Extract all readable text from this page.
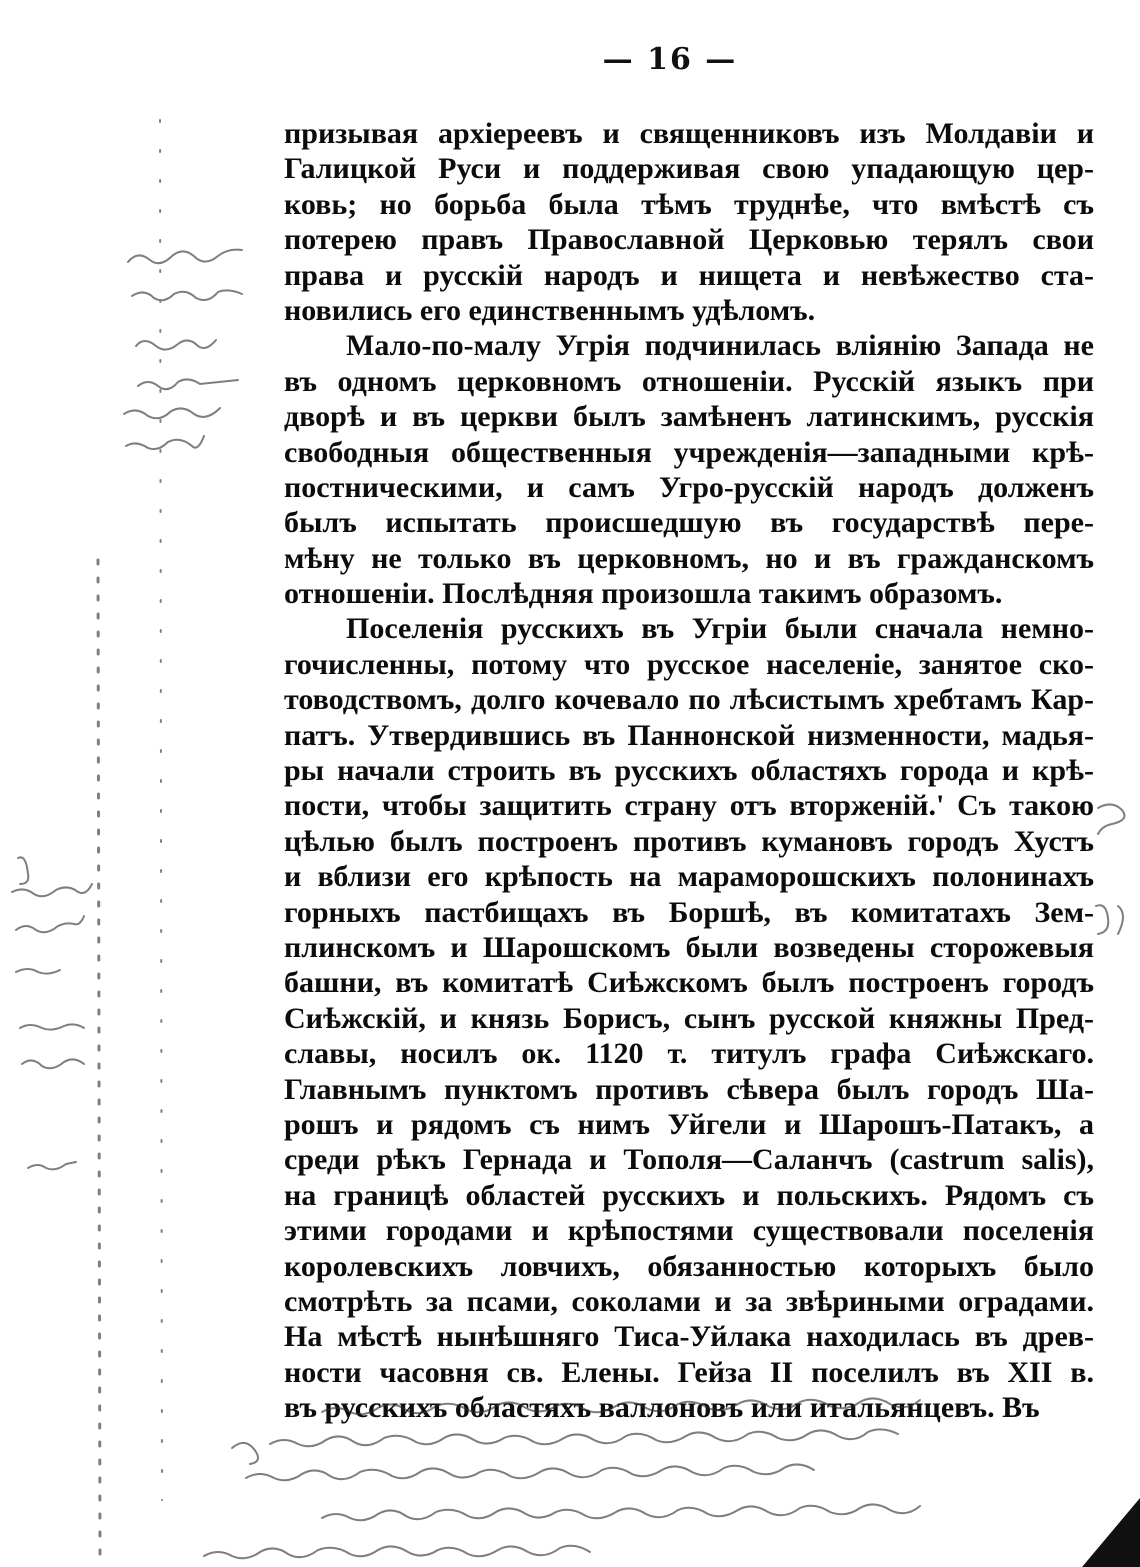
— 16 —
призывая архіереевъ и священниковъ изъ Молдавіи и
Галицкой Руси и поддерживая свою упадающую цер-
ковь; но борьба была тѣмъ труднѣе, что вмѣстѣ съ
потерею правъ Православной Церковью терялъ свои
права и русскій народъ и нищета и невѣжество ста-
новились его единственнымъ удѣломъ.
Мало-по-малу Угрія подчинилась вліянію Запада не
въ одномъ церковномъ отношеніи. Русскій языкъ при
дворѣ и въ церкви былъ замѣненъ латинскимъ, русскія
свободныя общественныя учрежденія—западными крѣ-
постническими, и самъ Угро-русскій народъ долженъ
былъ испытать происшедшую въ государствѣ пере-
мѣну не только въ церковномъ, но и въ гражданскомъ
отношеніи. Послѣдняя произошла такимъ образомъ.
Поселенія русскихъ въ Угріи были сначала немно-
гочисленны, потому что русское населеніе, занятое ско-
товодствомъ, долго кочевало по лѣсистымъ хребтамъ Кар-
патъ. Утвердившись въ Паннонской низменности, мадья-
ры начали строить въ русскихъ областяхъ города и крѣ-
пости, чтобы защитить страну отъ вторженій.' Съ такою
цѣлью былъ построенъ противъ кумановъ городъ Хустъ
и вблизи его крѣпость на мараморошскихъ полонинахъ
горныхъ пастбищахъ въ Боршѣ, въ комитатахъ Зем-
плинскомъ и Шарошскомъ были возведены сторожевыя
башни, въ комитатѣ Сиѣжскомъ былъ построенъ городъ
Сиѣжскій, и князь Борисъ, сынъ русской княжны Пред-
славы, носилъ ок. 1120 т. титулъ графа Сиѣжскаго.
Главнымъ пунктомъ противъ сѣвера былъ городъ Ша-
рошъ и рядомъ съ нимъ Уйгели и Шарошъ-Патакъ, а
среди рѣкъ Гернада и Тополя—Саланчъ (castrum salis),
на границѣ областей русскихъ и польскихъ. Рядомъ съ
этими городами и крѣпостями существовали поселенія
королевскихъ ловчихъ, обязанностью которыхъ было
смотрѣть за псами, соколами и за звѣриными оградами.
На мѣстѣ нынѣшняго Тиса-Уйлака находилась въ древ-
ности часовня св. Елены. Гейза II поселилъ въ XII в.
въ русскихъ областяхъ валлоновъ или итальянцевъ. Въ
